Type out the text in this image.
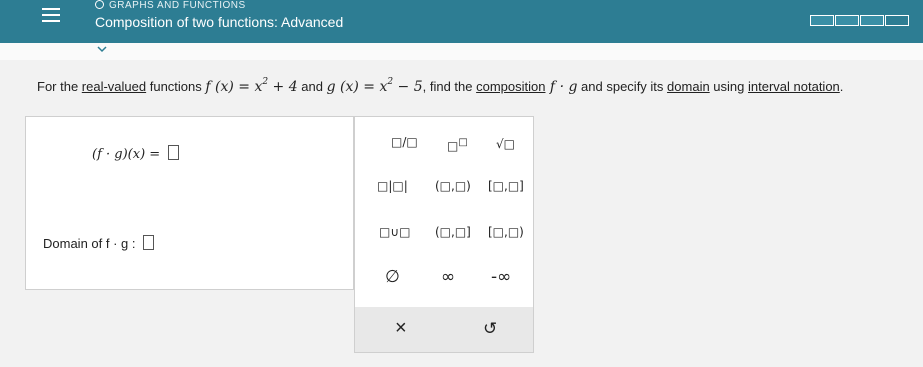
GRAPHS AND FUNCTIONS
Composition of two functions: Advanced
For the real-valued functions f $(x) = x^2 + 4$ and g $(x) = x^2 - 5$, find the composition f · g and specify its domain using interval notation.
(f · g)(x) =
Domain of f · g :
□/□ □□ √□
□|□| (□,□) [□,□]
□∪□ (□,□] [□,□)
∅ ∞ -∞
×	↺
